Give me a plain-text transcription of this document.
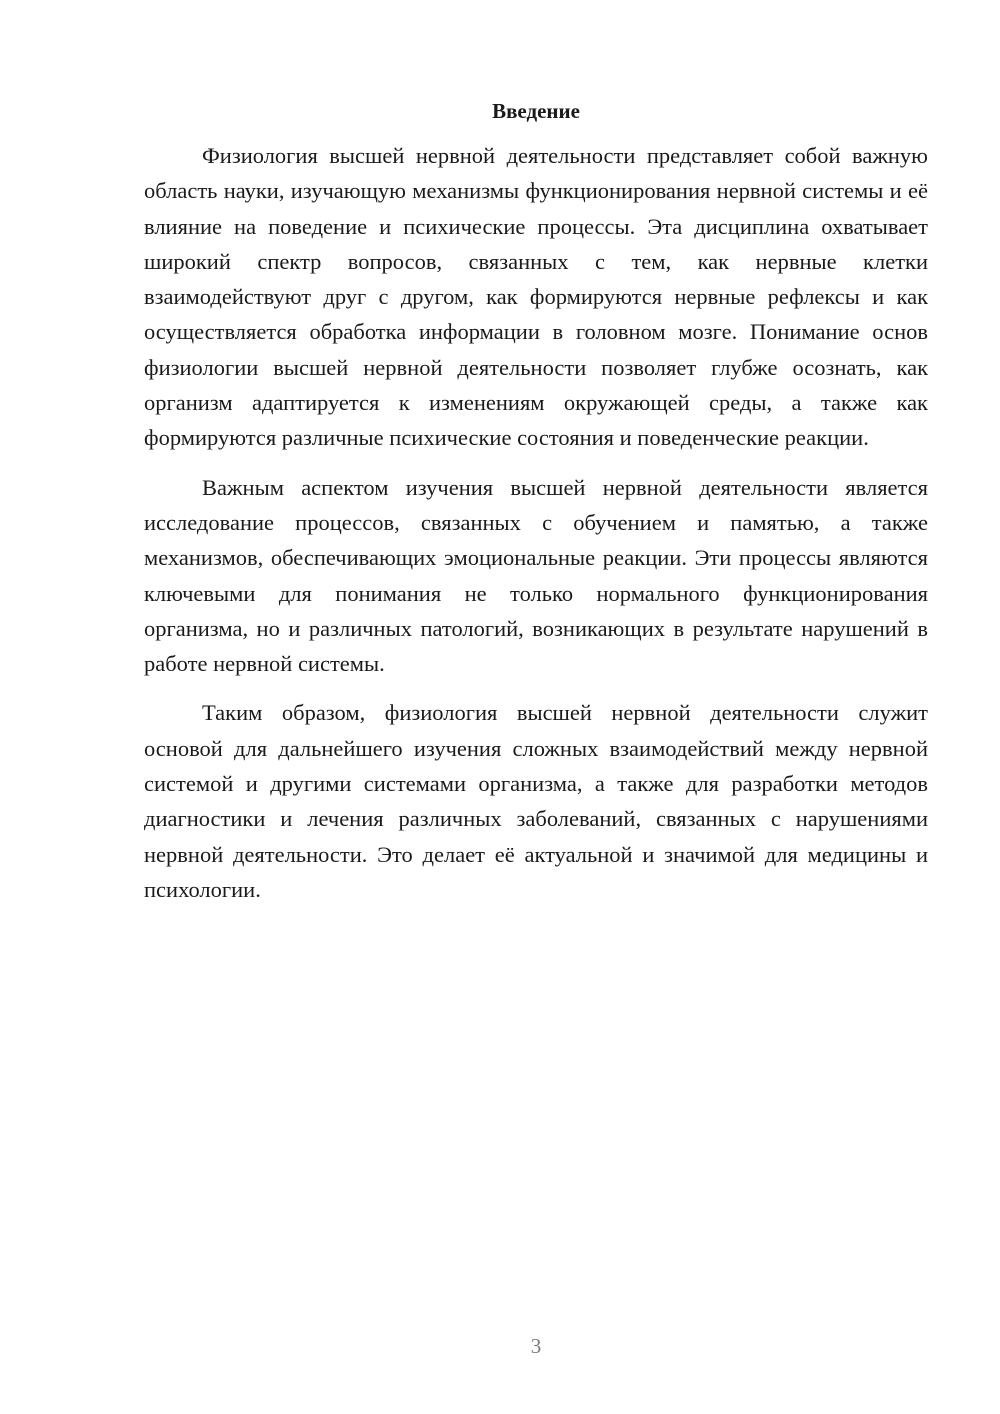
Введение

Физиология высшей нервной деятельности представляет собой важную область науки, изучающую механизмы функционирования нервной системы и её влияние на поведение и психические процессы. Эта дисциплина охватывает широкий спектр вопросов, связанных с тем, как нервные клетки взаимодействуют друг с другом, как формируются нервные рефлексы и как осуществляется обработка информации в головном мозге. Понимание основ физиологии высшей нервной деятельности позволяет глубже осознать, как организм адаптируется к изменениям окружающей среды, а также как формируются различные психические состояния и поведенческие реакции.

Важным аспектом изучения высшей нервной деятельности является исследование процессов, связанных с обучением и памятью, а также механизмов, обеспечивающих эмоциональные реакции. Эти процессы являются ключевыми для понимания не только нормального функционирования организма, но и различных патологий, возникающих в результате нарушений в работе нервной системы.

Таким образом, физиология высшей нервной деятельности служит основой для дальнейшего изучения сложных взаимодействий между нервной системой и другими системами организма, а также для разработки методов диагностики и лечения различных заболеваний, связанных с нарушениями нервной деятельности. Это делает её актуальной и значимой для медицины и психологии.

3
